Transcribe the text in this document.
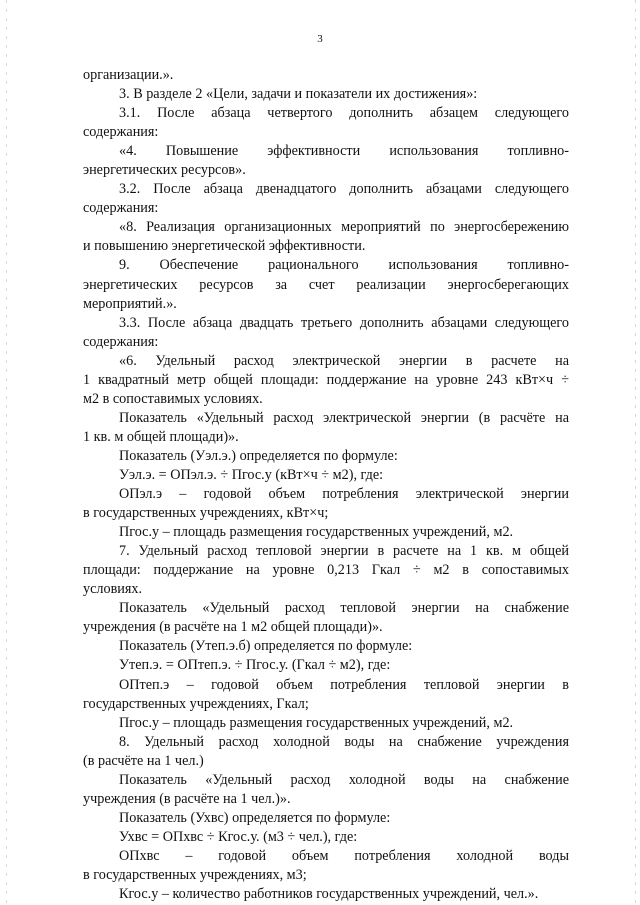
3
организации.».
3. В разделе 2 «Цели, задачи и показатели их достижения»:
3.1. После абзаца четвертого дополнить абзацем следующего
содержания:
«4. Повышение эффективности использования топливно-
энергетических ресурсов».
3.2. После абзаца двенадцатого дополнить абзацами следующего
содержания:
«8. Реализация организационных мероприятий по энергосбережению
и повышению энергетической эффективности.
9. Обеспечение рационального использования топливно-
энергетических ресурсов за счет реализации энергосберегающих
мероприятий.».
3.3. После абзаца двадцать третьего дополнить абзацами следующего
содержания:
«6. Удельный расход электрической энергии в расчете на
1 квадратный метр общей площади: поддержание на уровне 243 кВт×ч ÷
м2 в сопоставимых условиях.
Показатель «Удельный расход электрической энергии (в расчёте на
1 кв. м общей площади)».
Показатель (Уэл.э.) определяется по формуле:
Уэл.э. = ОПэл.э. ÷ Пгос.у (кВт×ч ÷ м2), где:
ОПэл.э – годовой объем потребления электрической энергии
в государственных учреждениях, кВт×ч;
Пгос.у – площадь размещения государственных учреждений, м2.
7. Удельный расход тепловой энергии в расчете на 1 кв. м общей
площади: поддержание на уровне 0,213 Гкал ÷ м2 в сопоставимых
условиях.
Показатель «Удельный расход тепловой энергии на снабжение
учреждения (в расчёте на 1 м2 общей площади)».
Показатель (Утеп.э.б) определяется по формуле:
Утеп.э. = ОПтеп.э. ÷ Пгос.у. (Гкал ÷ м2), где:
ОПтеп.э – годовой объем потребления тепловой энергии в
государственных учреждениях, Гкал;
Пгос.у – площадь размещения государственных учреждений, м2.
8. Удельный расход холодной воды на снабжение учреждения
(в расчёте на 1 чел.)
Показатель «Удельный расход холодной воды на снабжение
учреждения (в расчёте на 1 чел.)».
Показатель (Ухвс) определяется по формуле:
Ухвс = ОПхвс ÷ Кгос.у. (м3 ÷ чел.), где:
ОПхвс – годовой объем потребления холодной воды
в государственных учреждениях, м3;
Кгос.у – количество работников государственных учреждений, чел.».
